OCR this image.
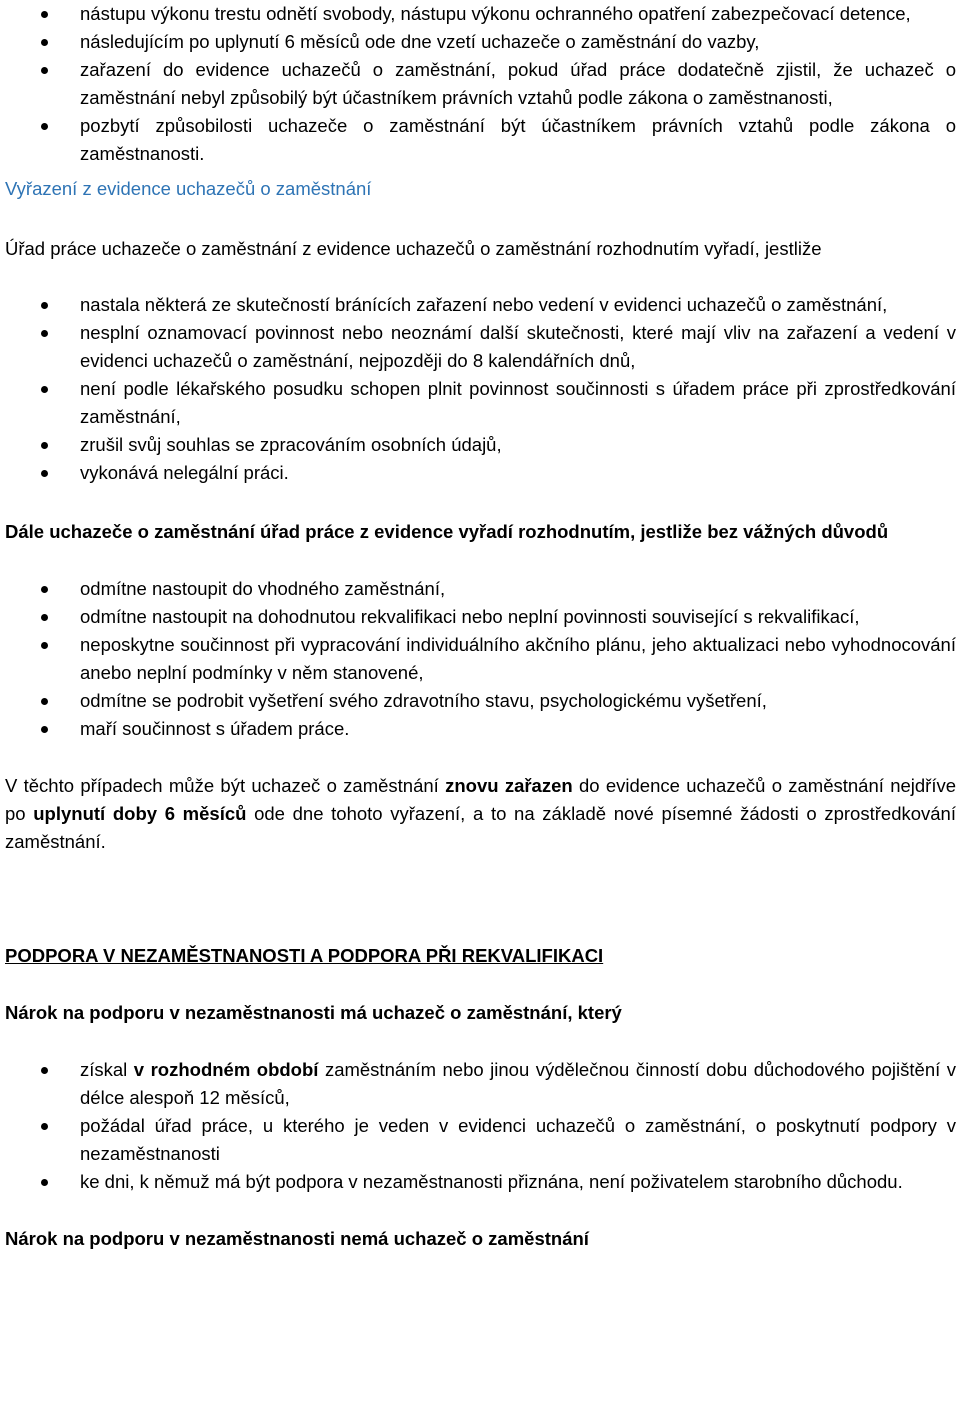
nástupu výkonu trestu odnětí svobody, nástupu výkonu ochranného opatření zabezpečovací detence,
následujícím po uplynutí 6 měsíců ode dne vzetí uchazeče o zaměstnání do vazby,
zařazení do evidence uchazečů o zaměstnání, pokud úřad práce dodatečně zjistil, že uchazeč o zaměstnání nebyl způsobilý být účastníkem právních vztahů podle zákona o zaměstnanosti,
pozbytí způsobilosti uchazeče o zaměstnání být účastníkem právních vztahů podle zákona o zaměstnanosti.

Vyřazení z evidence uchazečů o zaměstnání

Úřad práce uchazeče o zaměstnání z evidence uchazečů o zaměstnání rozhodnutím vyřadí, jestliže

nastala některá ze skutečností bránících zařazení nebo vedení v evidenci uchazečů o zaměstnání,
nesplní oznamovací povinnost nebo neoznámí další skutečnosti, které mají vliv na zařazení a vedení v evidenci uchazečů o zaměstnání, nejpozději do 8 kalendářních dnů,
není podle lékařského posudku schopen plnit povinnost součinnosti s úřadem práce při zprostředkování zaměstnání,
zrušil svůj souhlas se zpracováním osobních údajů,
vykonává nelegální práci.

Dále uchazeče o zaměstnání úřad práce z evidence vyřadí rozhodnutím, jestliže bez vážných důvodů

odmítne nastoupit do vhodného zaměstnání,
odmítne nastoupit na dohodnutou rekvalifikaci nebo neplní povinnosti související s rekvalifikací,
neposkytne součinnost při vypracování individuálního akčního plánu, jeho aktualizaci nebo vyhodnocování anebo neplní podmínky v něm stanovené,
odmítne se podrobit vyšetření svého zdravotního stavu, psychologickému vyšetření,
maří součinnost s úřadem práce.

V těchto případech může být uchazeč o zaměstnání znovu zařazen do evidence uchazečů o zaměstnání nejdříve po uplynutí doby 6 měsíců ode dne tohoto vyřazení, a to na základě nové písemné žádosti o zprostředkování zaměstnání.

PODPORA V NEZAMĚSTNANOSTI A PODPORA PŘI REKVALIFIKACI

Nárok na podporu v nezaměstnanosti má uchazeč o zaměstnání, který

získal v rozhodném období zaměstnáním nebo jinou výdělečnou činností dobu důchodového pojištění v délce alespoň 12 měsíců,
požádal úřad práce, u kterého je veden v evidenci uchazečů o zaměstnání, o poskytnutí podpory v nezaměstnanosti
ke dni, k němuž má být podpora v nezaměstnanosti přiznána, není poživatelem starobního důchodu.

Nárok na podporu v nezaměstnanosti nemá uchazeč o zaměstnání
